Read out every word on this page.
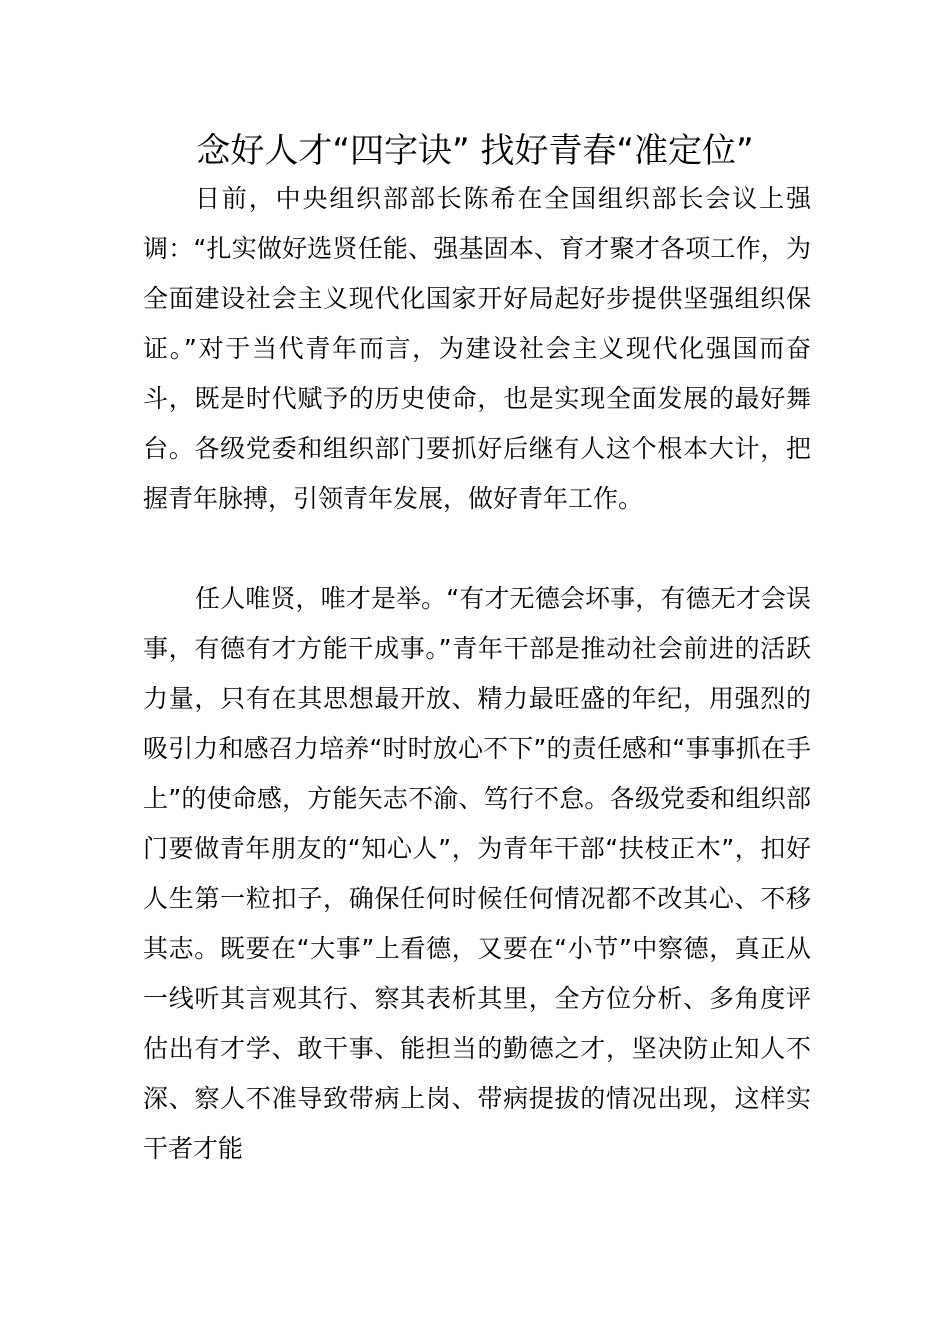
念好人才“四字诀” 找好青春“准定位”

日前，中央组织部部长陈希在全国组织部长会议上强调：“扎实做好选贤任能、强基固本、育才聚才各项工作，为全面建设社会主义现代化国家开好局起好步提供坚强组织保证。”对于当代青年而言，为建设社会主义现代化强国而奋斗，既是时代赋予的历史使命，也是实现全面发展的最好舞台。各级党委和组织部门要抓好后继有人这个根本大计，把握青年脉搏，引领青年发展，做好青年工作。

任人唯贤，唯才是举。“有才无德会坏事，有德无才会误事，有德有才方能干成事。”青年干部是推动社会前进的活跃力量，只有在其思想最开放、精力最旺盛的年纪，用强烈的吸引力和感召力培养“时时放心不下”的责任感和“事事抓在手上”的使命感，方能矢志不渝、笃行不怠。各级党委和组织部门要做青年朋友的“知心人”，为青年干部“扶枝正木”，扣好人生第一粒扣子，确保任何时候任何情况都不改其心、不移其志。既要在“大事”上看德，又要在“小节”中察德，真正从一线听其言观其行、察其表析其里，全方位分析、多角度评估出有才学、敢干事、能担当的勤德之才，坚决防止知人不深、察人不准导致带病上岗、带病提拔的情况出现，这样实干者才能
